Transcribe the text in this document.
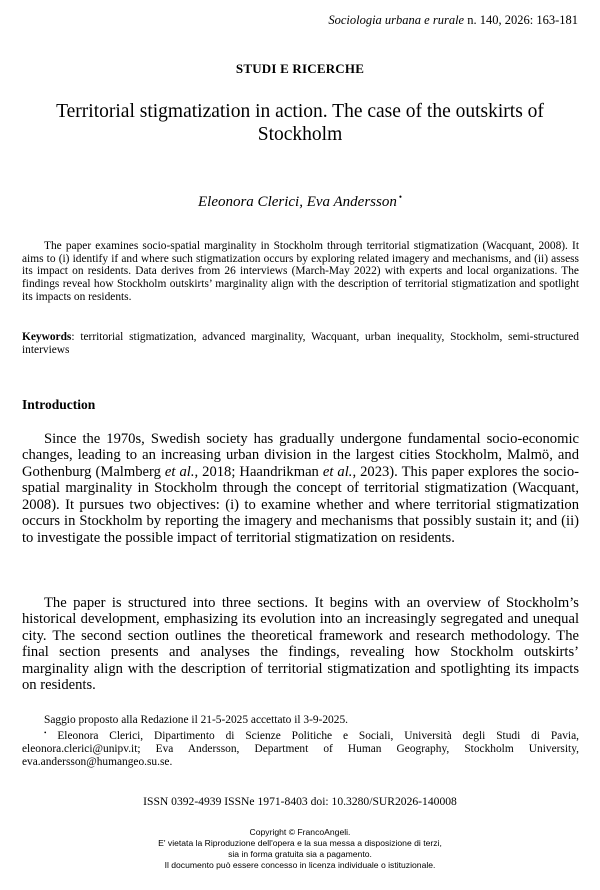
Sociologia urbana e rurale n. 140, 2026: 163-181
STUDI E RICERCHE
Territorial stigmatization in action. The case of the outskirts of Stockholm
Eleonora Clerici, Eva Andersson •

The paper examines socio-spatial marginality in Stockholm through territorial stigmatization (Wacquant, 2008). It aims to (i) identify if and where such stigmatization occurs by exploring related imagery and mechanisms, and (ii) assess its impact on residents. Data derives from 26 interviews (March-May 2022) with experts and local organizations. The findings reveal how Stockholm outskirts’ marginality align with the description of territorial stigmatization and spotlight its impacts on residents.

Keywords: territorial stigmatization, advanced marginality, Wacquant, urban inequality, Stockholm, semi-structured interviews

Introduction

Since the 1970s, Swedish society has gradually undergone fundamental socio-economic changes, leading to an increasing urban division in the largest cities Stockholm, Malmö, and Gothenburg (Malmberg et al., 2018; Haandrikman et al., 2023). This paper explores the socio-spatial marginality in Stockholm through the concept of territorial stigmatization (Wacquant, 2008). It pursues two objectives: (i) to examine whether and where territorial stigmatization occurs in Stockholm by reporting the imagery and mechanisms that possibly sustain it; and (ii) to investigate the possible impact of territorial stigmatization on residents.

The paper is structured into three sections. It begins with an overview of Stockholm’s historical development, emphasizing its evolution into an increasingly segregated and unequal city. The second section outlines the theoretical framework and research methodology. The final section presents and analyses the findings, revealing how Stockholm outskirts’ marginality align with the description of territorial stigmatization and spotlighting its impacts on residents.

Saggio proposto alla Redazione il 21-5-2025 accettato il 3-9-2025.

• Eleonora Clerici, Dipartimento di Scienze Politiche e Sociali, Università degli Studi di Pavia, eleonora.clerici@unipv.it; Eva Andersson, Department of Human Geography, Stockholm University, eva.andersson@humangeo.su.se.

ISSN 0392-4939 ISSNe 1971-8403 doi: 10.3280/SUR2026-140008
Copyright © FrancoAngeli.
E' vietata la Riproduzione dell'opera e la sua messa a disposizione di terzi,
sia in forma gratuita sia a pagamento.
Il documento può essere concesso in licenza individuale o istituzionale.
